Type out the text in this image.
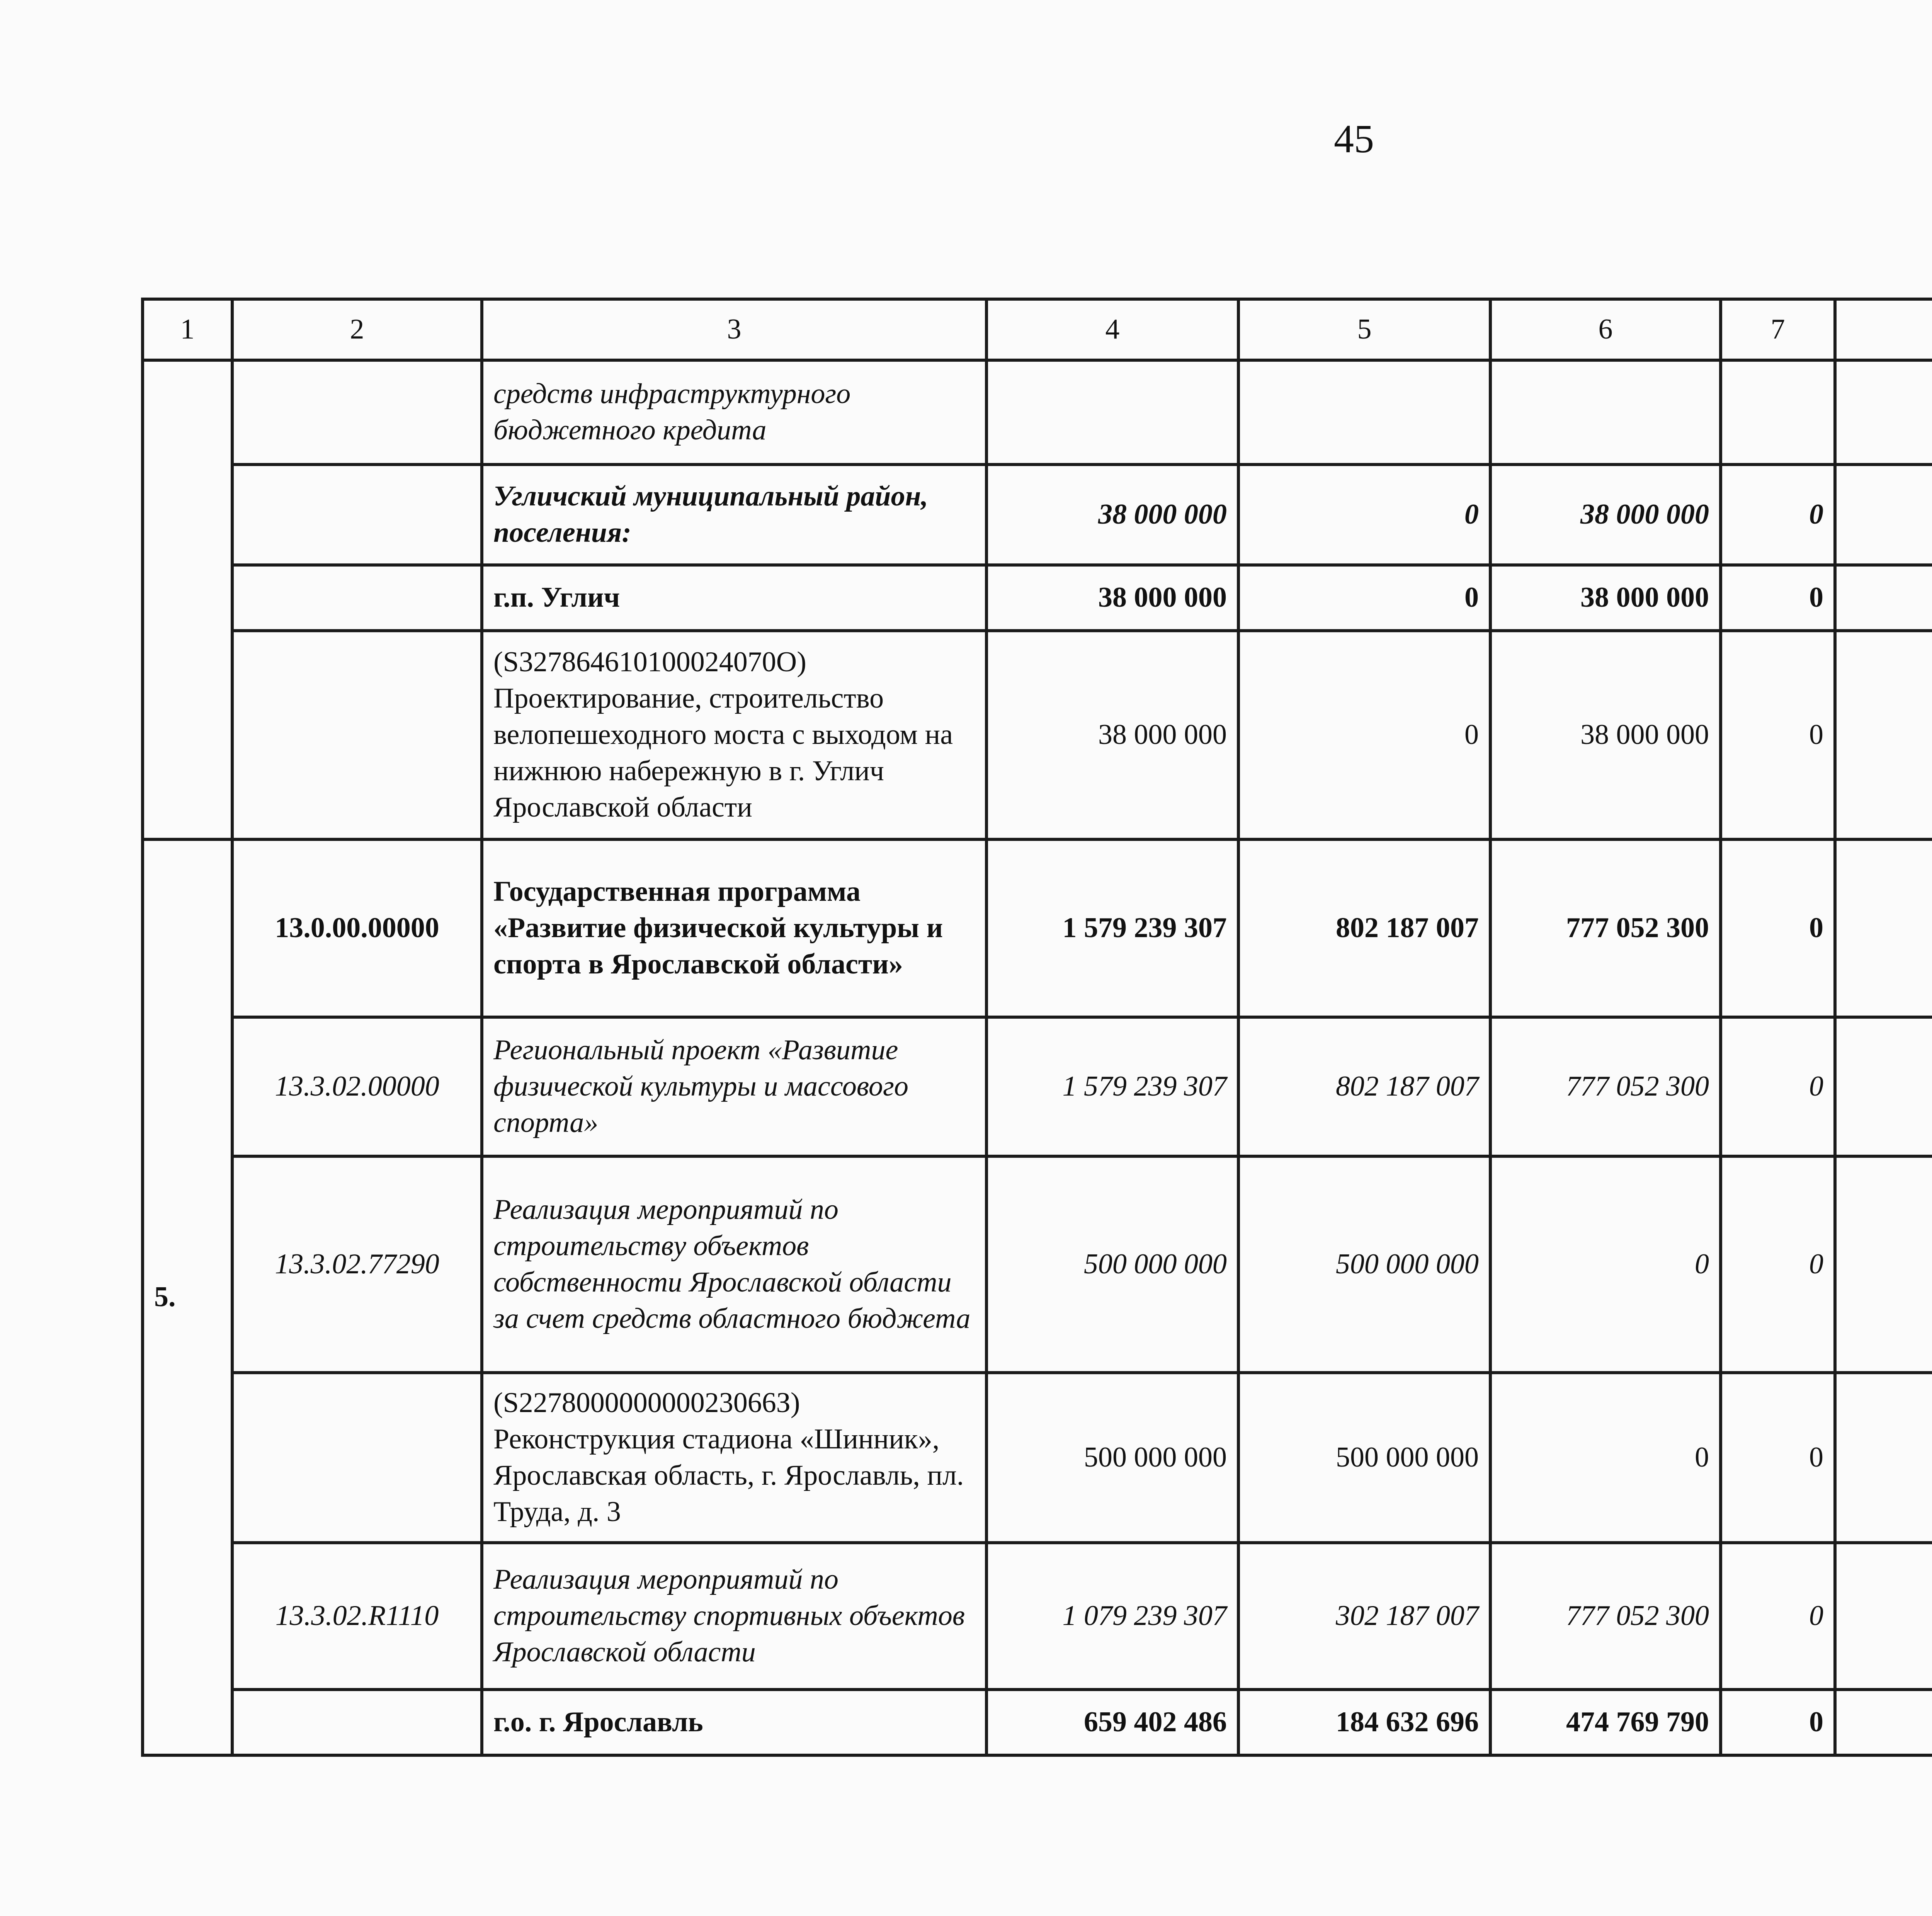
45
1	2	3	4	5	6	7				
		средств инфраструктурного бюджетного кредита								
		Угличский муниципальный район, поселения:	38 000 000	0	38 000 000	0				
		г.п. Углич	38 000 000	0	38 000 000	0				
		(S327864610100024070О) Проектирование, строительство велопешеходного моста с выходом на нижнюю набережную в г. Углич Ярославской области	38 000 000	0	38 000 000	0				
5.	13.0.00.00000	Государственная программа «Развитие физической культуры и спорта в Ярославской области»	1 579 239 307	802 187 007	777 052 300	0				
	13.3.02.00000	Региональный проект «Развитие физической культуры и массового спорта»	1 579 239 307	802 187 007	777 052 300	0				
	13.3.02.77290	Реализация мероприятий по строительству объектов собственности Ярославской области за счет средств областного бюджета	500 000 000	500 000 000	0	0				
		(S227800000000023066З) Реконструкция стадиона «Шинник», Ярославская область, г. Ярославль, пл. Труда, д. 3	500 000 000	500 000 000	0	0				
	13.3.02.R1110	Реализация мероприятий по строительству спортивных объектов Ярославской области	1 079 239 307	302 187 007	777 052 300	0				
		г.о. г. Ярославль	659 402 486	184 632 696	474 769 790	0				
